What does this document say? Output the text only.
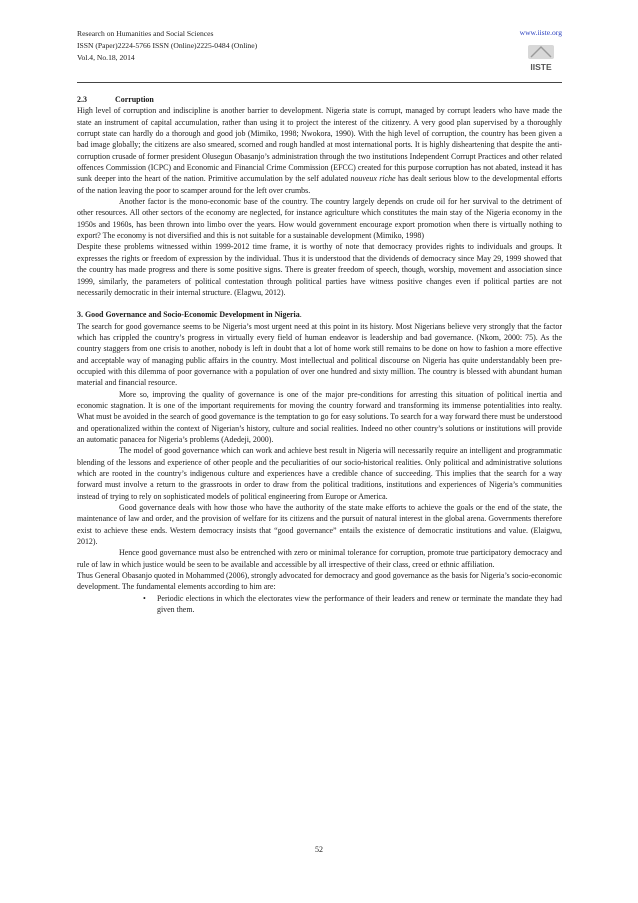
Research on Humanities and Social Sciences
ISSN (Paper)2224-5766 ISSN (Online)2225-0484 (Online)
Vol.4, No.18, 2014
www.iiste.org
IISTE
2.3	Corruption

High level of corruption and indiscipline is another barrier to development. Nigeria state is corrupt, managed by corrupt leaders who have made the state an instrument of capital accumulation, rather than using it to project the interest of the citizenry. A very good plan supervised by a thoroughly corrupt state can hardly do a thorough and good job (Mimiko, 1998; Nwokora, 1990). With the high level of corruption, the country has been given a bad image globally; the citizens are also smeared, scorned and rough handled at most international ports. It is highly disheartening that despite the anti-corruption crusade of former president Olusegun Obasanjo’s administration through the two institutions Independent Corrupt Practices and other related offences Commission (ICPC) and Economic and Financial Crime Commission (EFCC) created for this purpose corruption has not abated, instead it has sunk deeper into the heart of the nation. Primitive accumulation by the self adulated nouveux riche has dealt serious blow to the developmental efforts of the nation leaving the poor to scamper around for the left over crumbs.

Another factor is the mono-economic base of the country. The country largely depends on crude oil for her survival to the detriment of other resources. All other sectors of the economy are neglected, for instance agriculture which constitutes the main stay of the Nigeria economy in the 1950s and 1960s, has been thrown into limbo over the years. How would government encourage export promotion when there is virtually nothing to export? The economy is not diversified and this is not suitable for a sustainable development (Mimiko, 1998)

Despite these problems witnessed within 1999-2012 time frame, it is worthy of note that democracy provides rights to individuals and groups. It expresses the rights or freedom of expression by the individual. Thus it is understood that the dividends of democracy since May 29, 1999 showed that the country has made progress and there is some positive signs. There is greater freedom of speech, though, worship, movement and association since 1999, similarly, the parameters of political contestation through political parties have witness positive changes even if political parties are not necessarily democratic in their internal structure. (Elagwu, 2012).

3. Good Governance and Socio-Economic Development in Nigeria.

The search for good governance seems to be Nigeria’s most urgent need at this point in its history. Most Nigerians believe very strongly that the factor which has crippled the country’s progress in virtually every field of human endeavor is leadership and bad governance. (Nkom, 2000: 75). As the country staggers from one crisis to another, nobody is left in doubt that a lot of home work still remains to be done on how to fashion a more effective and acceptable way of managing public affairs in the country. Most intellectual and political discourse on Nigeria has quite understandably been pre- occupied with this dilemma of poor governance with a population of over one hundred and sixty million. The country is blessed with abundant human material and financial resource.

More so, improving the quality of governance is one of the major pre-conditions for arresting this situation of political inertia and economic stagnation. It is one of the important requirements for moving the country forward and transforming its immense potentialities into realty. What must be avoided in the search of good governance is the temptation to go for easy solutions. To search for a way forward there must be understood and operationalized within the context of Nigerian’s history, culture and social realities. Indeed no other country’s solutions or institutions will provide an automatic panacea for Nigeria’s problems (Adedeji, 2000).

The model of good governance which can work and achieve best result in Nigeria will necessarily require an intelligent and programmatic blending of the lessons and experience of other people and the peculiarities of our socio-historical realities. Only political and administrative solutions which are rooted in the country’s indigenous culture and experiences have a credible chance of succeeding. This implies that the search for a way forward must involve a return to the grassroots in order to draw from the political traditions, institutions and experiences of Nigeria’s communities instead of trying to rely on sophisticated models of political engineering from Europe or America.

Good governance deals with how those who have the authority of the state make efforts to achieve the goals or the end of the state, the maintenance of law and order, and the provision of welfare for its citizens and the pursuit of natural interest in the global arena. Governments therefore exist to achieve these ends. Western democracy insists that “good governance” entails the existence of democratic institutions and value. (Elaigwu, 2012).

Hence good governance must also be entrenched with zero or minimal tolerance for corruption, promote true participatory democracy and rule of law in which justice would be seen to be available and accessible by all irrespective of their class, creed or ethnic affiliation.

Thus General Obasanjo quoted in Mohammed (2006), strongly advocated for democracy and good governance as the basis for Nigeria’s socio-economic development. The fundamental elements according to him are:

•	Periodic elections in which the electorates view the performance of their leaders and renew or terminate the mandate they had given them.
52
